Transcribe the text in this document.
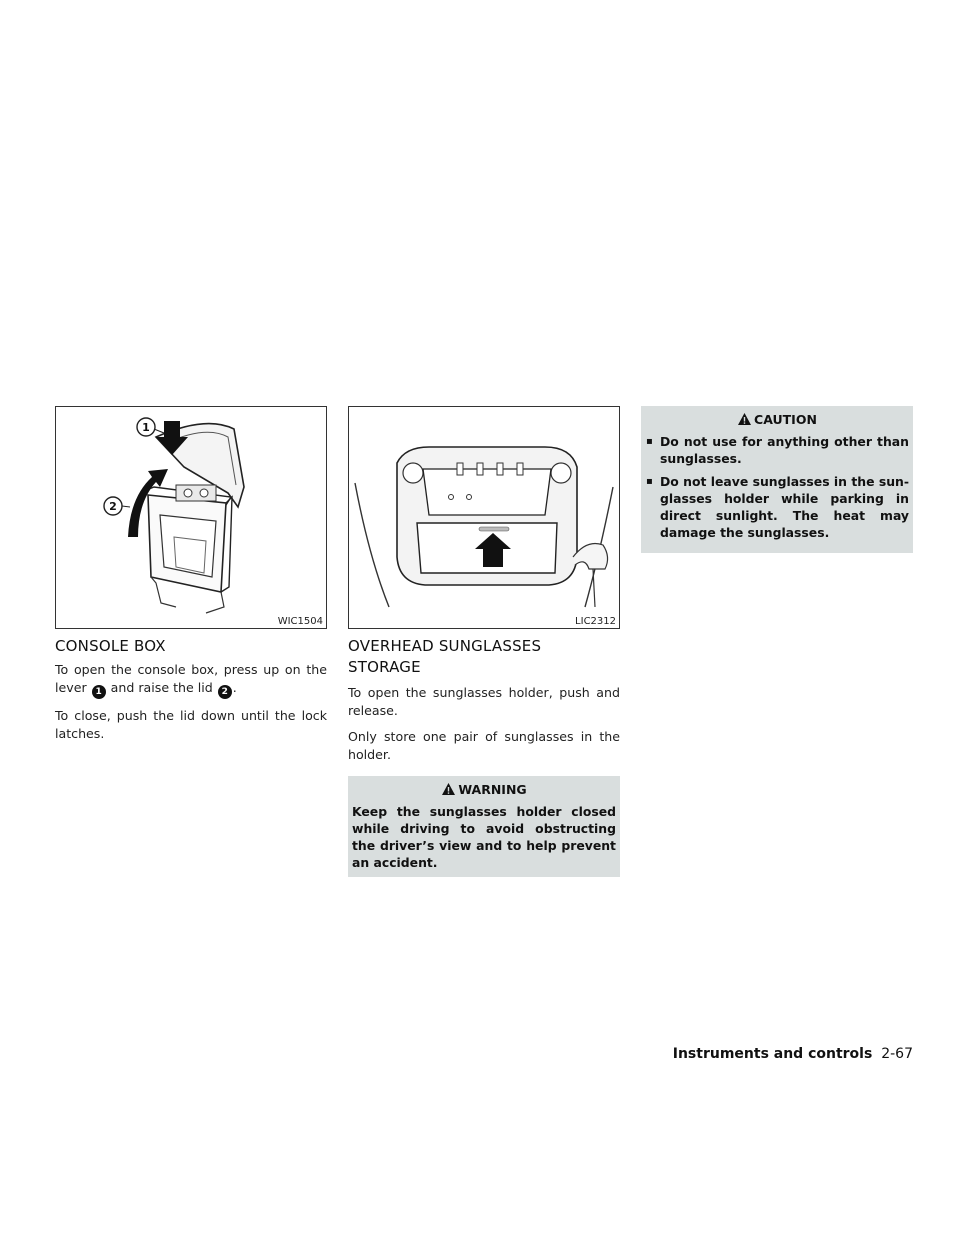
1
2
WIC1504
CONSOLE BOX

To open the console box, press up on the lever 1 and raise the lid 2 .

To close, push the lid down until the lock latches.

LIC2312
OVERHEAD SUNGLASSES
STORAGE

To open the sunglasses holder, push and release.

Only store one pair of sunglasses in the holder.

WARNING
Keep the sunglasses holder closed while driving to avoid obstructing the driver’s view and to help prevent an accident.
CAUTION
▪ Do not use for anything other than sunglasses.
▪ Do not leave sunglasses in the sun-glasses holder while parking in direct sunlight. The heat may damage the sunglasses.
Instruments and controls 2-67
